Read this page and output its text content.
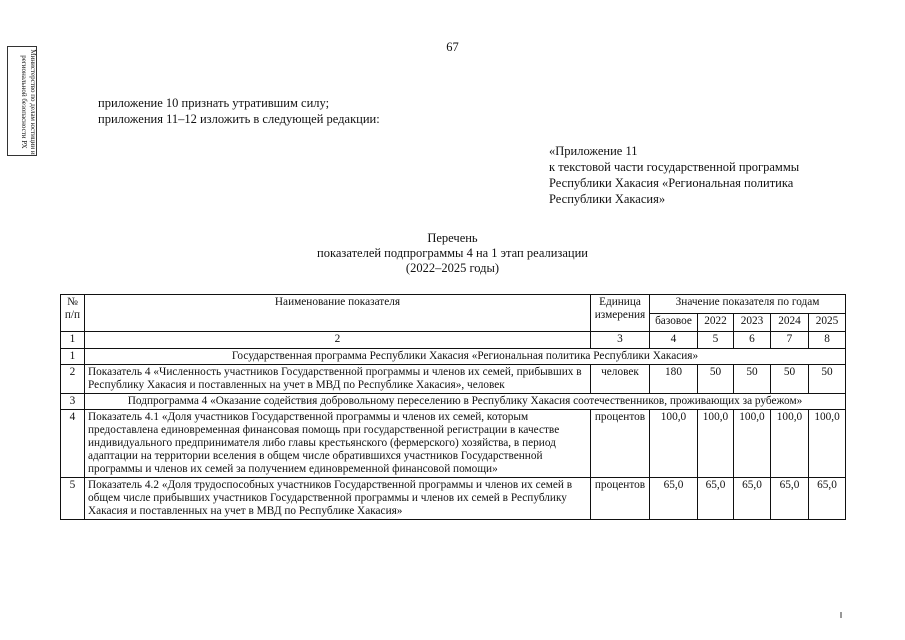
Министерство по делам юстиции и региональной безопасности РХ
67
приложение 10 признать утратившим силу;
приложения 11–12 изложить в следующей редакции:
«Приложение 11
к текстовой части государственной программы
Республики Хакасия «Региональная политика
Республики Хакасия»
Перечень
показателей подпрограммы 4 на 1 этап реализации
(2022–2025 годы)
№ п/п	Наименование показателя	Единица измерения	Значение показателя по годам				
			базовое	2022	2023	2024	2025
1	2	3	4	5	6	7	8
1	Государственная программа Республики Хакасия «Региональная политика Республики Хакасия»						
2	Показатель 4 «Численность участников Государственной программы и членов их семей, прибывших в Республику Хакасия и поставленных на учет в МВД по Республике Хакасия», человек	человек	180	50	50	50	50
3	Подпрограмма 4 «Оказание содействия добровольному переселению в Республику Хакасия соотечественников, проживающих за рубежом»						
4	Показатель 4.1 «Доля участников Государственной программы и членов их семей, которым предоставлена единовременная финансовая помощь при государственной регистрации в качестве индивидуального предпринимателя либо главы крестьянского (фермерского) хозяйства, в период адаптации на территории вселения в общем числе обратившихся участников Государственной программы и членов их семей за получением единовременной финансовой помощи»	процентов	100,0	100,0	100,0	100,0	100,0
5	Показатель 4.2 «Доля трудоспособных участников Государственной программы и членов их семей в общем числе прибывших участников Государственной программы и членов их семей в Республику Хакасия и поставленных на учет в МВД по Республике Хакасия»	процентов	65,0	65,0	65,0	65,0	65,0
